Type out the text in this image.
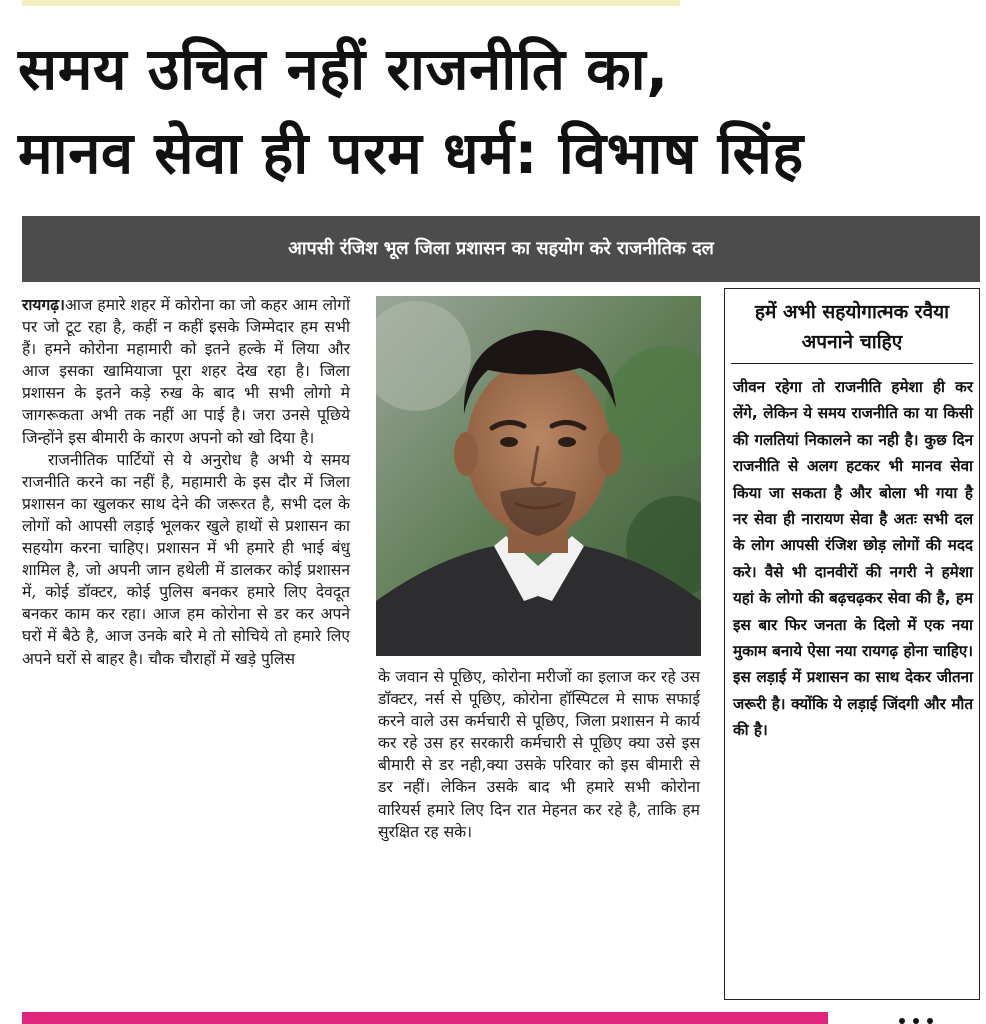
समय उचित नहीं राजनीति का,
मानव सेवा ही परम धर्म: विभाष सिंह
आपसी रंजिश भूल जिला प्रशासन का सहयोग करे राजनीतिक दल

रायगढ़।आज हमारे शहर में कोरोना का जो कहर आम लोगों पर जो टूट रहा है, कहीं न कहीं इसके जिम्मेदार हम सभी हैं। हमने कोरोना महामारी को इतने हल्के में लिया और आज इसका खामियाजा पूरा शहर देख रहा है। जिला प्रशासन के इतने कड़े रुख के बाद भी सभी लोगो मे जागरूकता अभी तक नहीं आ पाई है। जरा उनसे पूछिये जिन्होंने इस बीमारी के कारण अपनो को खो दिया है।

राजनीतिक पार्टियों से ये अनुरोध है अभी ये समय राजनीति करने का नहीं है, महामारी के इस दौर में जिला प्रशासन का खुलकर साथ देने की जरूरत है, सभी दल के लोगों को आपसी लड़ाई भूलकर खुले हाथों से प्रशासन का सहयोग करना चाहिए। प्रशासन में भी हमारे ही भाई बंधु शामिल है, जो अपनी जान हथेली में डालकर कोई प्रशासन में, कोई डॉक्टर, कोई पुलिस बनकर हमारे लिए देवदूत बनकर काम कर रहा। आज हम कोरोना से डर कर अपने घरों में बैठे है, आज उनके बारे मे तो सोचिये तो हमारे लिए अपने घरों से बाहर है। चौक चौराहों में खड़े पुलिस

के जवान से पूछिए, कोरोना मरीजों का इलाज कर रहे उस डॉक्टर, नर्स से पूछिए, कोरोना हॉस्पिटल मे साफ सफाई करने वाले उस कर्मचारी से पूछिए, जिला प्रशासन मे कार्य कर रहे उस हर सरकारी कर्मचारी से पूछिए क्या उसे इस बीमारी से डर नही,क्या उसके परिवार को इस बीमारी से डर नहीं। लेकिन उसके बाद भी हमारे सभी कोरोना वारियर्स हमारे लिए दिन रात मेहनत कर रहे है, ताकि हम सुरक्षित रह सके।

हमें अभी सहयोगात्मक रवैया अपनाने चाहिए
जीवन रहेगा तो राजनीति हमेशा ही कर लेंगे, लेकिन ये समय राजनीति का या किसी की गलतियां निकालने का नही है। कुछ दिन राजनीति से अलग हटकर भी मानव सेवा किया जा सकता है और बोला भी गया है नर सेवा ही नारायण सेवा है अतः सभी दल के लोग आपसी रंजिश छोड़ लोगों की मदद करे। वैसे भी दानवीरों की नगरी ने हमेशा यहां के लोगो की बढ़चढ़कर सेवा की है, हम इस बार फिर जनता के दिलो में एक नया मुकाम बनाये ऐसा नया रायगढ़ होना चाहिए। इस लड़ाई में प्रशासन का साथ देकर जीतना जरूरी है। क्योंकि ये लड़ाई जिंदगी और मौत की है।
